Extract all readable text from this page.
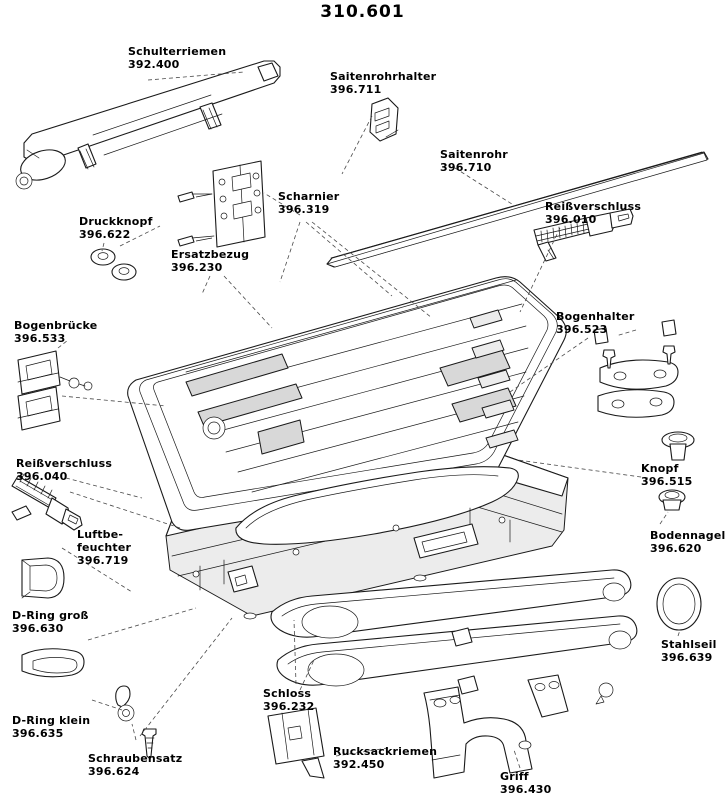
310.601
Schulterriemen
392.400
Saitenrohrhalter
396.711
Saitenrohr
396.710
Reißverschluss
396.010
Scharnier
396.319
Druckknopf
396.622
Ersatzbezug
396.230
Bogenhalter
396.523
Bogenbrücke
396.533
Reißverschluss
396.040
Knopf
396.515
Bodennagel
396.620
Luftbe-
feuchter
396.719
D-Ring groß
396.630
Stahlseil
396.639
Schloss
396.232
D-Ring klein
396.635
Schraubensatz
396.624
Rucksackriemen
392.450
Griff
396.430
